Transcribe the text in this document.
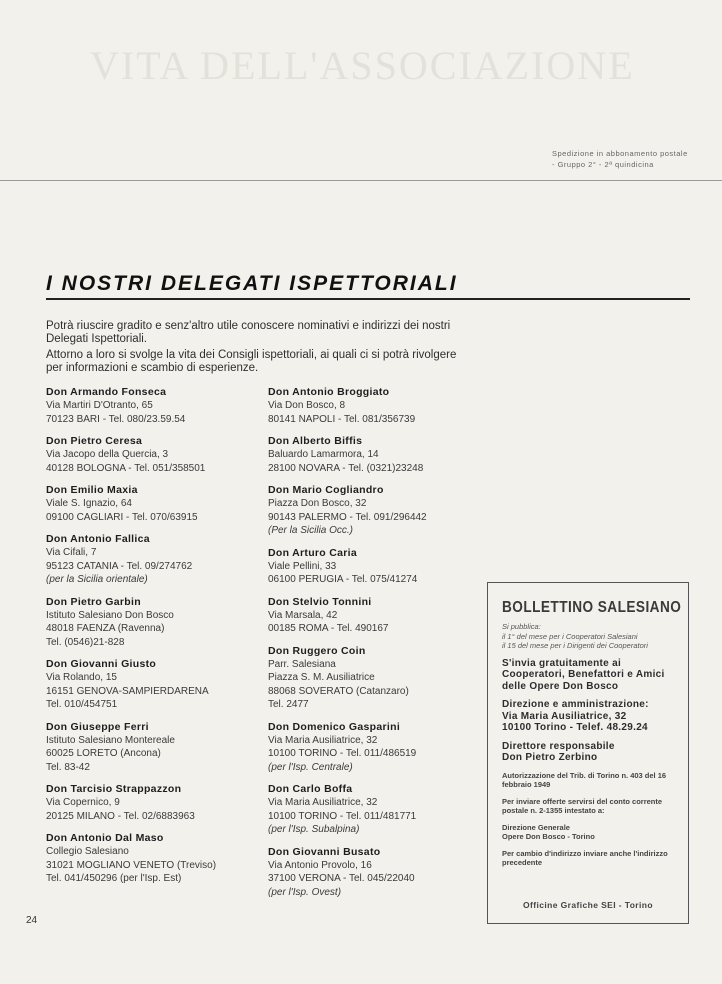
VITA DELL'ASSOCIAZIONE
Spedizione in abbonamento postale - Gruppo 2° - 2ª quindicina
I NOSTRI DELEGATI ISPETTORIALI

Potrà riuscire gradito e senz'altro utile conoscere nominativi e indirizzi dei nostri Delegati Ispettoriali.

Attorno a loro si svolge la vita dei Consigli ispettoriali, ai quali ci si potrà rivolgere per informazioni e scambio di esperienze.

Don Armando Fonseca
Via Martiri D'Otranto, 65
70123 BARI - Tel. 080/23.59.54
Don Pietro Ceresa
Via Jacopo della Quercia, 3
40128 BOLOGNA - Tel. 051/358501
Don Emilio Maxia
Viale S. Ignazio, 64
09100 CAGLIARI - Tel. 070/63915
Don Antonio Fallica
Via Cifali, 7
95123 CATANIA - Tel. 09/274762
(per la Sicilia orientale)
Don Pietro Garbin
Istituto Salesiano Don Bosco
48018 FAENZA (Ravenna)
Tel. (0546)21-828
Don Giovanni Giusto
Via Rolando, 15
16151 GENOVA-SAMPIERDARENA
Tel. 010/454751
Don Giuseppe Ferri
Istituto Salesiano Montereale
60025 LORETO (Ancona)
Tel. 83-42
Don Tarcisio Strappazzon
Via Copernico, 9
20125 MILANO - Tel. 02/6883963
Don Antonio Dal Maso
Collegio Salesiano
31021 MOGLIANO VENETO (Treviso)
Tel. 041/450296 (per l'Isp. Est)
Don Antonio Broggiato
Via Don Bosco, 8
80141 NAPOLI - Tel. 081/356739
Don Alberto Biffis
Baluardo Lamarmora, 14
28100 NOVARA - Tel. (0321)23248
Don Mario Cogliandro
Piazza Don Bosco, 32
90143 PALERMO - Tel. 091/296442
(Per la Sicilia Occ.)
Don Arturo Caria
Viale Pellini, 33
06100 PERUGIA - Tel. 075/41274
Don Stelvio Tonnini
Via Marsala, 42
00185 ROMA - Tel. 490167
Don Ruggero Coin
Parr. Salesiana
Piazza S. M. Ausiliatrice
88068 SOVERATO (Catanzaro)
Tel. 2477
Don Domenico Gasparini
Via Maria Ausiliatrice, 32
10100 TORINO - Tel. 011/486519
(per l'Isp. Centrale)
Don Carlo Boffa
Via Maria Ausiliatrice, 32
10100 TORINO - Tel. 011/481771
(per l'Isp. Subalpina)
Don Giovanni Busato
Via Antonio Provolo, 16
37100 VERONA - Tel. 045/22040
(per l'Isp. Ovest)
24
BOLLETTINO SALESIANO
Si pubblica:
il 1° del mese per i Cooperatori Salesiani
il 15 del mese per i Dirigenti dei Cooperatori
S'invia gratuitamente ai Cooperatori, Benefattori e Amici delle Opere Don Bosco
Direzione e amministrazione:
Via Maria Ausiliatrice, 32
10100 Torino - Telef. 48.29.24
Direttore responsabile
Don Pietro Zerbino
Autorizzazione del Trib. di Torino n. 403 del 16 febbraio 1949
Per inviare offerte servirsi del conto corrente postale n. 2-1355 intestato a:
Direzione Generale
Opere Don Bosco - Torino
Per cambio d'indirizzo inviare anche l'indirizzo precedente
Officine Grafiche SEI - Torino
